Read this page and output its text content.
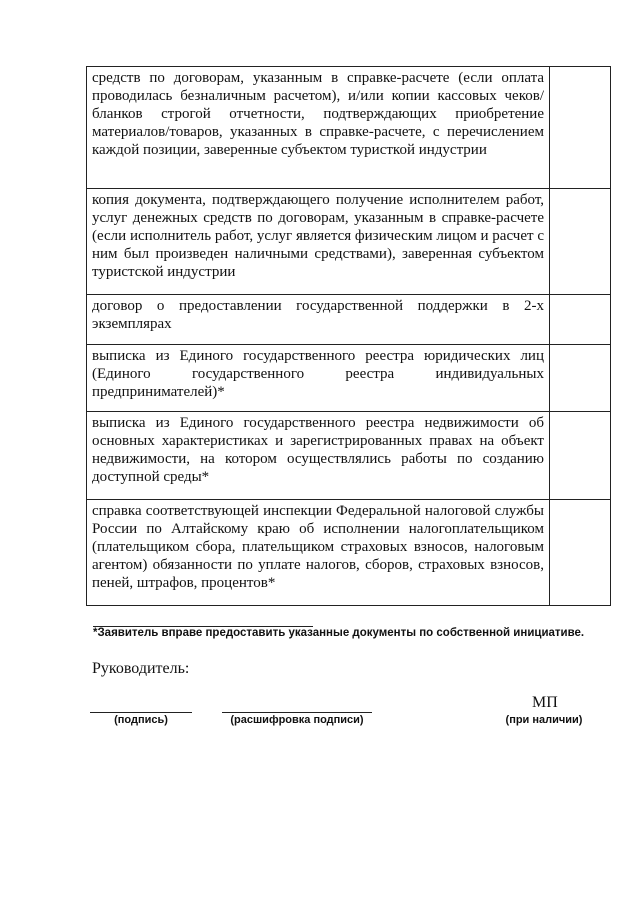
средств по договорам, указанным в справке-расчете (если оплата проводилась безналичным расчетом), и/или копии кассовых чеков/бланков строгой отчетности, подтверждающих приобретение материалов/товаров, указанных в справке-расчете, с перечислением каждой позиции, заверенные субъектом туристкой индустрии	
копия документа, подтверждающего получение исполнителем работ, услуг денежных средств по договорам, указанным в справке-расчете (если исполнитель работ, услуг является физическим лицом и расчет с ним был произведен наличными средствами), заверенная субъектом туристской индустрии	
договор о предоставлении государственной поддержки в 2-х экземплярах	
выписка из Единого государственного реестра юридических лиц (Единого государственного реестра индивидуальных предпринимателей)*	
выписка из Единого государственного реестра недвижимости об основных характеристиках и зарегистрированных правах на объект недвижимости, на котором осуществлялись работы по созданию доступной среды*	
справка соответствующей инспекции Федеральной налоговой службы России по Алтайскому краю об исполнении налогоплательщиком (плательщиком сбора, плательщиком страховых взносов, налоговым агентом) обязанности по уплате налогов, сборов, страховых взносов, пеней, штрафов, процентов*	
*Заявитель вправе предоставить указанные документы по собственной инициативе.
Руководитель:
МП
(подпись)	(расшифровка подписи)	(при наличии)
